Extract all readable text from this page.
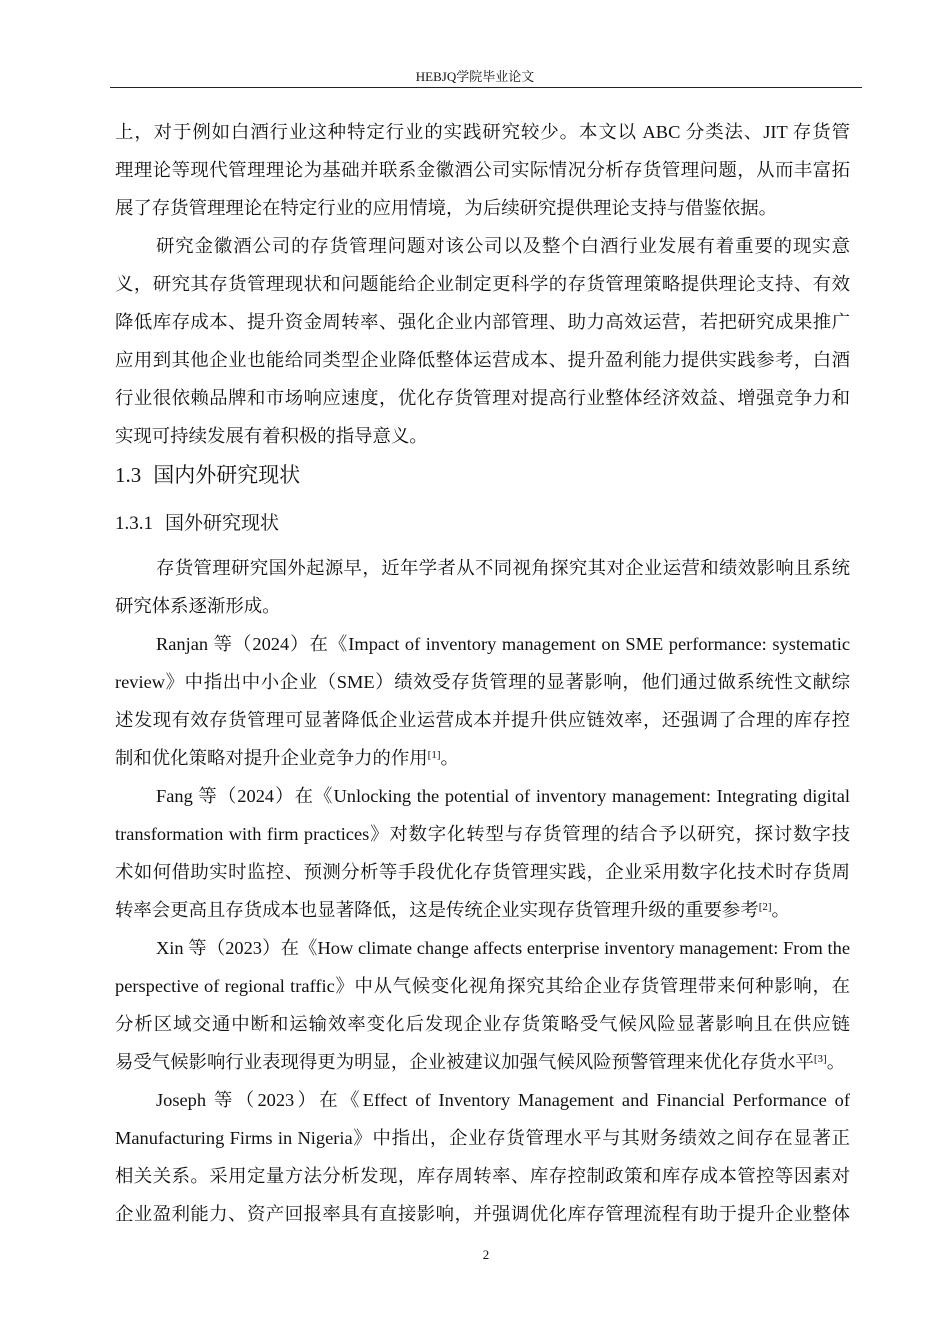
HEBJQ学院毕业论文
上，对于例如白酒行业这种特定行业的实践研究较少。本文以 ABC 分类法、JIT 存货管
理理论等现代管理理论为基础并联系金徽酒公司实际情况分析存货管理问题，从而丰富拓
展了存货管理理论在特定行业的应用情境，为后续研究提供理论支持与借鉴依据。
研究金徽酒公司的存货管理问题对该公司以及整个白酒行业发展有着重要的现实意
义，研究其存货管理现状和问题能给企业制定更科学的存货管理策略提供理论支持、有效
降低库存成本、提升资金周转率、强化企业内部管理、助力高效运营，若把研究成果推广
应用到其他企业也能给同类型企业降低整体运营成本、提升盈利能力提供实践参考，白酒
行业很依赖品牌和市场响应速度，优化存货管理对提高行业整体经济效益、增强竞争力和
实现可持续发展有着积极的指导意义。
1.3 国内外研究现状
1.3.1 国外研究现状
存货管理研究国外起源早，近年学者从不同视角探究其对企业运营和绩效影响且系统
研究体系逐渐形成。
Ranjan 等（2024）在《Impact of inventory management on SME performance: systematic
review》中指出中小企业（SME）绩效受存货管理的显著影响，他们通过做系统性文献综
述发现有效存货管理可显著降低企业运营成本并提升供应链效率，还强调了合理的库存控
制和优化策略对提升企业竞争力的作用[1]。
Fang 等（2024）在《Unlocking the potential of inventory management: Integrating digital
transformation with firm practices》对数字化转型与存货管理的结合予以研究，探讨数字技
术如何借助实时监控、预测分析等手段优化存货管理实践，企业采用数字化技术时存货周
转率会更高且存货成本也显著降低，这是传统企业实现存货管理升级的重要参考[2]。
Xin 等（2023）在《How climate change affects enterprise inventory management: From the
perspective of regional traffic》中从气候变化视角探究其给企业存货管理带来何种影响，在
分析区域交通中断和运输效率变化后发现企业存货策略受气候风险显著影响且在供应链
易受气候影响行业表现得更为明显，企业被建议加强气候风险预警管理来优化存货水平[3]。
Joseph 等（2023）在《Effect of Inventory Management and Financial Performance of
Manufacturing Firms in Nigeria》中指出，企业存货管理水平与其财务绩效之间存在显著正
相关关系。采用定量方法分析发现，库存周转率、库存控制政策和库存成本管控等因素对
企业盈利能力、资产回报率具有直接影响，并强调优化库存管理流程有助于提升企业整体
2
